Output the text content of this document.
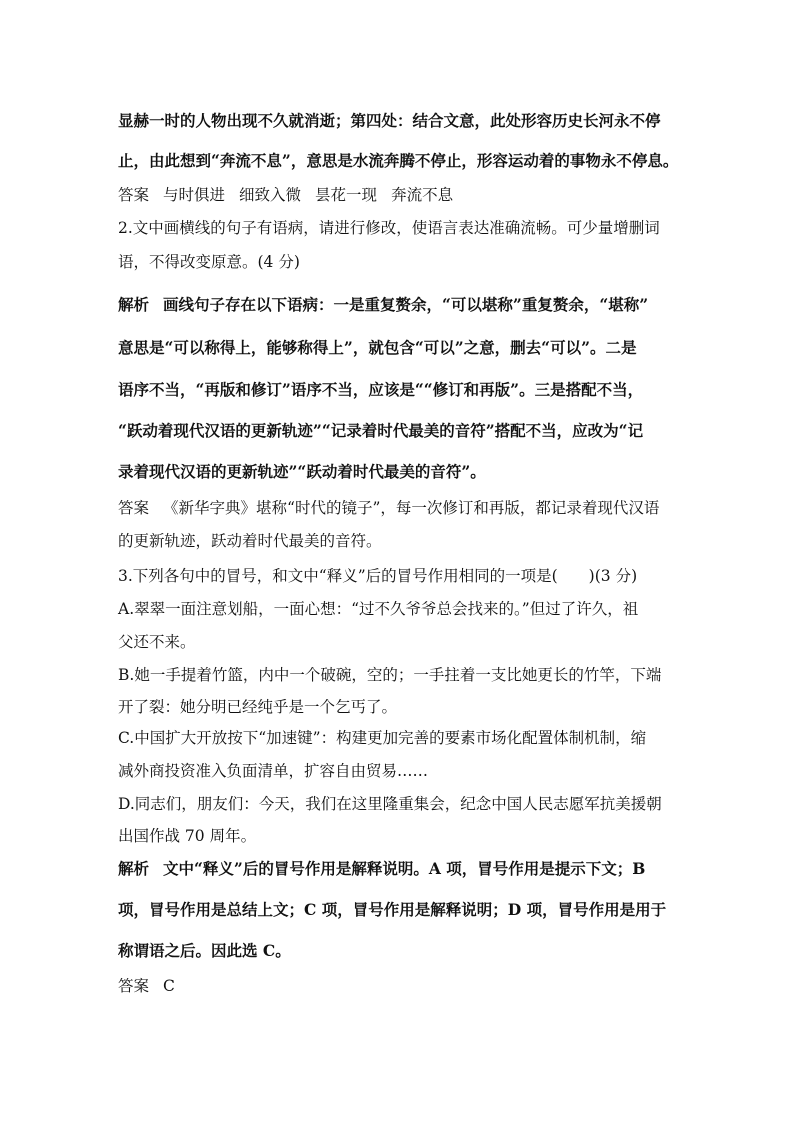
显赫一时的人物出现不久就消逝；第四处：结合文意，此处形容历史长河永不停
止，由此想到“奔流不息”，意思是水流奔腾不停止，形容运动着的事物永不停息。
答案 与时俱进 细致入微 昙花一现 奔流不息
2.文中画横线的句子有语病，请进行修改，使语言表达准确流畅。可少量增删词
语，不得改变原意。(4 分)
解析 画线句子存在以下语病：一是重复赘余，“可以堪称”重复赘余，“堪称”
意思是“可以称得上，能够称得上”，就包含“可以”之意，删去“可以”。二是
语序不当，“再版和修订”语序不当，应该是““修订和再版”。三是搭配不当，
“跃动着现代汉语的更新轨迹”“记录着时代最美的音符”搭配不当，应改为“记
录着现代汉语的更新轨迹”“跃动着时代最美的音符”。
答案 《新华字典》堪称“时代的镜子”，每一次修订和再版，都记录着现代汉语
的更新轨迹，跃动着时代最美的音符。
3.下列各句中的冒号，和文中“释义”后的冒号作用相同的一项是(　　)(3 分)
A.翠翠一面注意划船，一面心想：“过不久爷爷总会找来的。”但过了许久，祖
父还不来。
B.她一手提着竹篮，内中一个破碗，空的；一手拄着一支比她更长的竹竿，下端
开了裂：她分明已经纯乎是一个乞丐了。
C.中国扩大开放按下“加速键”：构建更加完善的要素市场化配置体制机制，缩
减外商投资准入负面清单，扩容自由贸易……
D.同志们，朋友们：今天，我们在这里隆重集会，纪念中国人民志愿军抗美援朝
出国作战 70 周年。
解析 文中“释义”后的冒号作用是解释说明。A 项，冒号作用是提示下文；B
项，冒号作用是总结上文；C 项，冒号作用是解释说明；D 项，冒号作用是用于
称谓语之后。因此选 C。
答案 C
